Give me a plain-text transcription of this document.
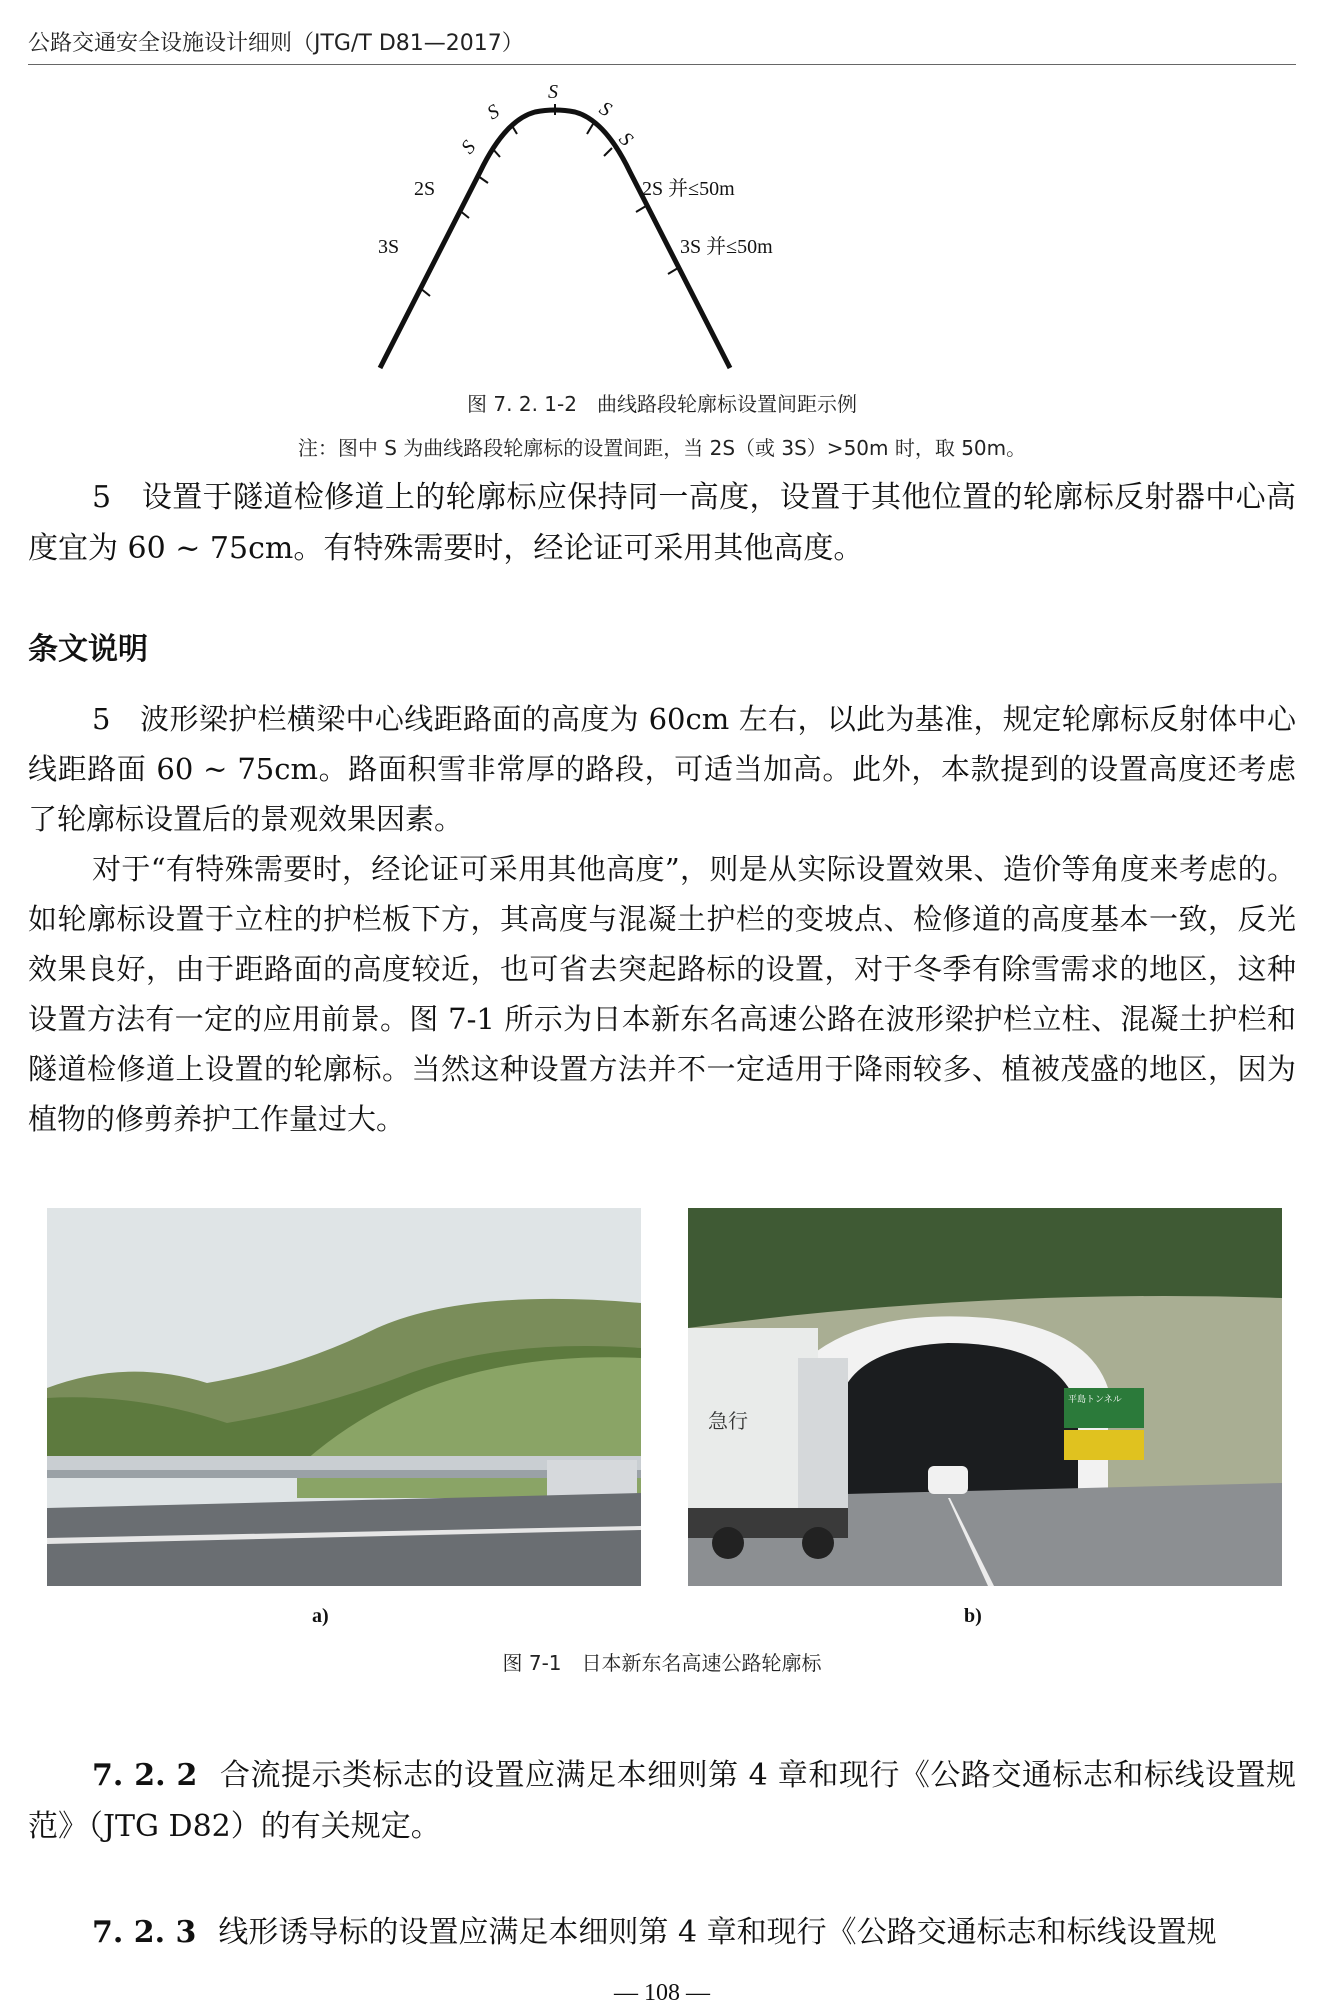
公路交通安全设施设计细则（JTG/T D81—2017）
S
S
S
S
S
2S
3S
2S 并≤50m
3S 并≤50m
图 7. 2. 1-2　曲线路段轮廓标设置间距示例
注：图中 S 为曲线路段轮廓标的设置间距，当 2S（或 3S）>50m 时，取 50m。

5　 设置于隧道检修道上的轮廓标应保持同一高度，设置于其他位置的轮廓标反射器中心高度宜为 60 ~ 75cm。有特殊需要时，经论证可采用其他高度。

条文说明

5　波形梁护栏横梁中心线距路面的高度为 60cm 左右，以此为基准，规定轮廓标反射体中心线距路面 60 ~ 75cm。路面积雪非常厚的路段，可适当加高。此外，本款提到的设置高度还考虑了轮廓标设置后的景观效果因素。

对于“有特殊需要时，经论证可采用其他高度”，则是从实际设置效果、造价等角度来考虑的。如轮廓标设置于立柱的护栏板下方，其高度与混凝土护栏的变坡点、检修道的高度基本一致，反光效果良好，由于距路面的高度较近，也可省去突起路标的设置，对于冬季有除雪需求的地区，这种设置方法有一定的应用前景。图 7-1 所示为日本新东名高速公路在波形梁护栏立柱、混凝土护栏和隧道检修道上设置的轮廓标。当然这种设置方法并不一定适用于降雨较多、植被茂盛的地区，因为植物的修剪养护工作量过大。

平島トンネル
急行
a)	b)
图 7-1　日本新东名高速公路轮廓标

7. 2. 2 合流提示类标志的设置应满足本细则第 4 章和现行《公路交通标志和标线设置规范》（JTG D82）的有关规定。

7. 2. 3 线形诱导标的设置应满足本细则第 4 章和现行《公路交通标志和标线设置规

— 108 —
